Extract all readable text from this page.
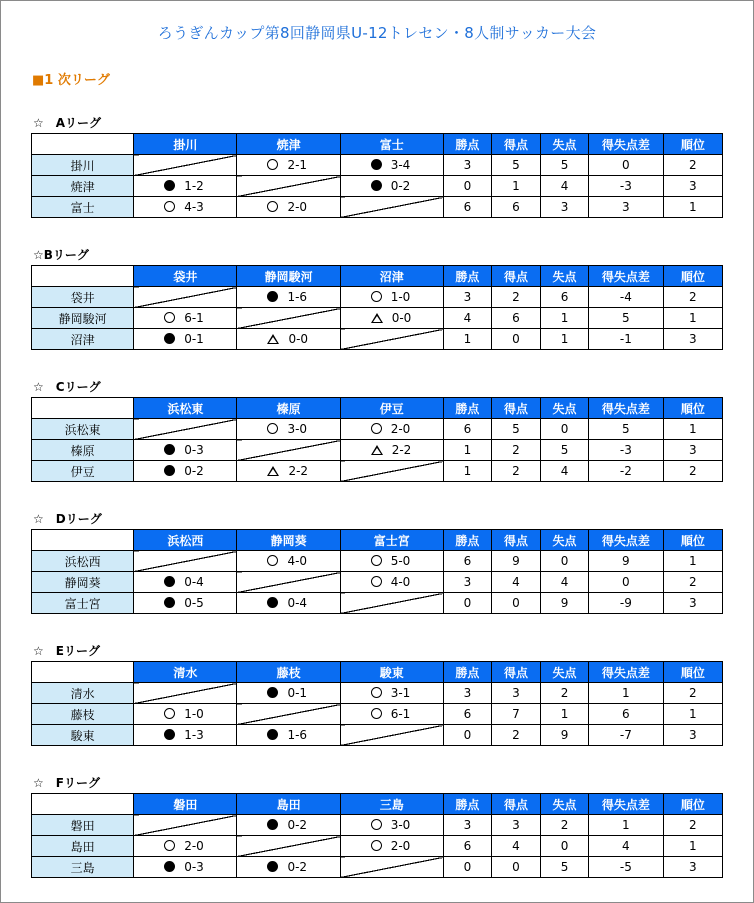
ろうぎんカップ第8回静岡県U-12トレセン・8人制サッカー大会
■1 次リーグ
☆　Aリーグ
	掛川	焼津	富士	勝点	得点	失点	得失点差	順位
掛川		2-1	3-4	3	5	5	0	2
焼津	1-2		0-2	0	1	4	-3	3
富士	4-3	2-0		6	6	3	3	1
☆Bリーグ
	袋井	静岡駿河	沼津	勝点	得点	失点	得失点差	順位
袋井		1-6	1-0	3	2	6	-4	2
静岡駿河	6-1		0-0	4	6	1	5	1
沼津	0-1	0-0		1	0	1	-1	3
☆　Cリーグ
	浜松東	榛原	伊豆	勝点	得点	失点	得失点差	順位
浜松東		3-0	2-0	6	5	0	5	1
榛原	0-3		2-2	1	2	5	-3	3
伊豆	0-2	2-2		1	2	4	-2	2
☆　Dリーグ
	浜松西	静岡葵	富士宮	勝点	得点	失点	得失点差	順位
浜松西		4-0	5-0	6	9	0	9	1
静岡葵	0-4		4-0	3	4	4	0	2
富士宮	0-5	0-4		0	0	9	-9	3
☆　Eリーグ
	清水	藤枝	駿東	勝点	得点	失点	得失点差	順位
清水		0-1	3-1	3	3	2	1	2
藤枝	1-0		6-1	6	7	1	6	1
駿東	1-3	1-6		0	2	9	-7	3
☆　Fリーグ
	磐田	島田	三島	勝点	得点	失点	得失点差	順位
磐田		0-2	3-0	3	3	2	1	2
島田	2-0		2-0	6	4	0	4	1
三島	0-3	0-2		0	0	5	-5	3
